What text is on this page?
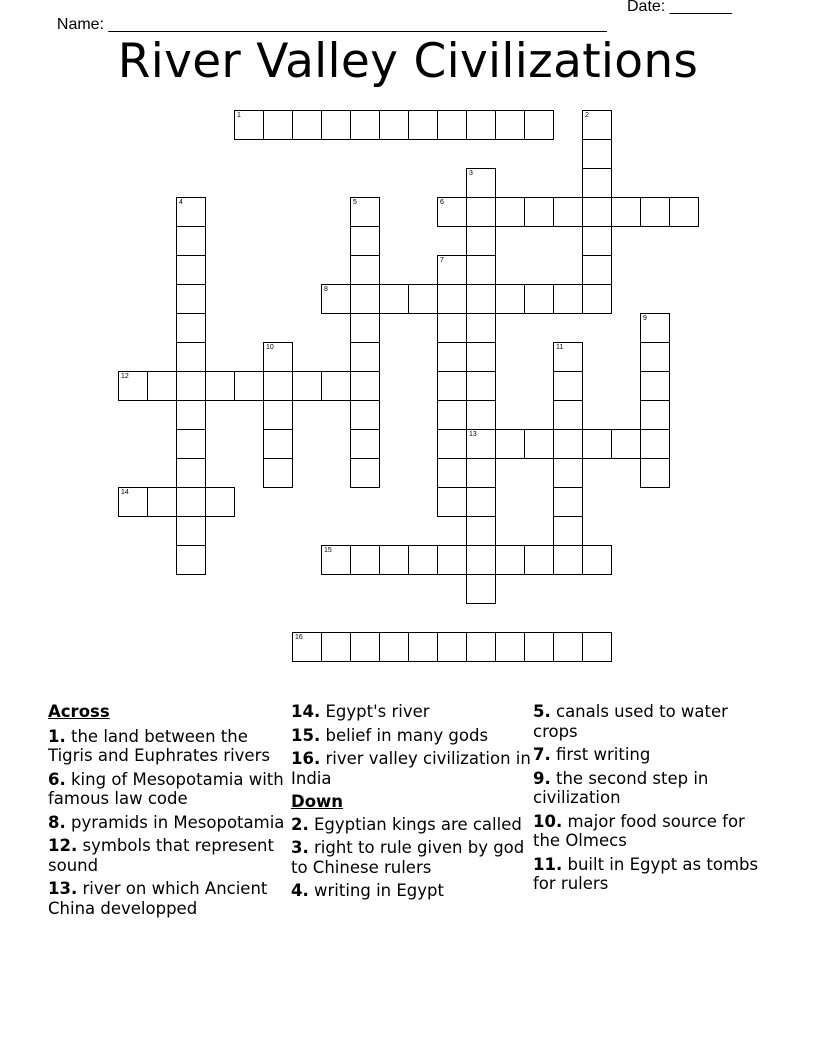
Name: ________________________________________________________

Date: _______

River Valley Civilizations
1	2
3
13
4	5	6
7
8
9
10	11
12
14
15
16
Across
1. the land between the Tigris and Euphrates rivers
6. king of Mesopotamia with famous law code
8. pyramids in Mesopotamia
12. symbols that represent sound
13. river on which Ancient China developped
14. Egypt's river
15. belief in many gods
16. river valley civilization in India
Down
2. Egyptian kings are called
3. right to rule given by god to Chinese rulers
4. writing in Egypt
5. canals used to water crops
7. first writing
9. the second step in civilization
10. major food source for the Olmecs
11. built in Egypt as tombs for rulers
